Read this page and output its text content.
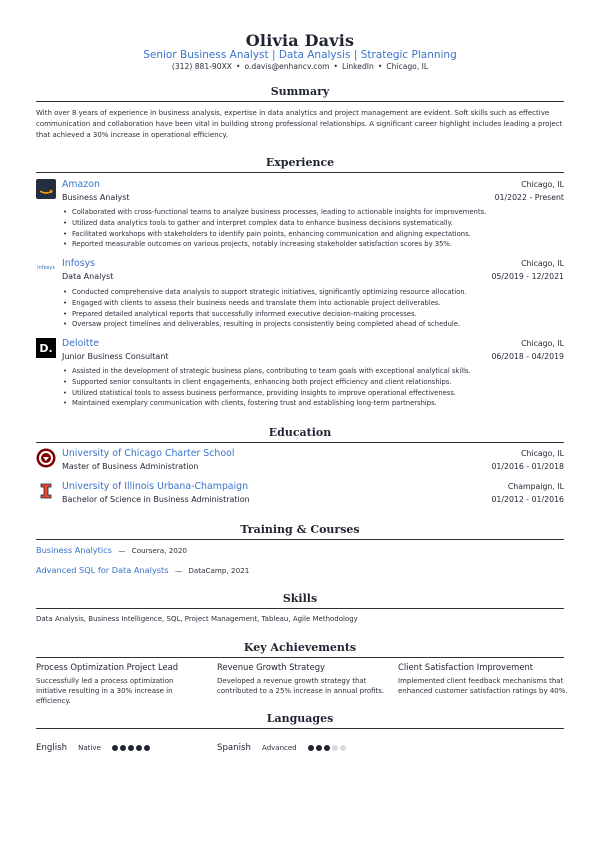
Olivia Davis
Senior Business Analyst | Data Analysis | Strategic Planning
(312) 881-90XX • o.davis@enhancv.com • LinkedIn • Chicago, IL
Summary
With over 8 years of experience in business analysis, expertise in data analytics and project management are evident. Soft skills such as effective communication and collaboration have been vital in building strong professional relationships. A significant career highlight includes leading a project that achieved a 30% increase in operational efficiency.
Experience
Amazon
Business Analyst
Chicago, IL
01/2022 - Present
• Collaborated with cross-functional teams to analyze business processes, leading to actionable insights for improvements.
• Utilized data analytics tools to gather and interpret complex data to enhance business decisions systematically.
• Facilitated workshops with stakeholders to identify pain points, enhancing communication and aligning expectations.
• Reported measurable outcomes on various projects, notably increasing stakeholder satisfaction scores by 35%.
Infosys Infosys
Data Analyst
Chicago, IL
05/2019 - 12/2021
• Conducted comprehensive data analysis to support strategic initiatives, significantly optimizing resource allocation.
• Engaged with clients to assess their business needs and translate them into actionable project deliverables.
• Prepared detailed analytical reports that successfully informed executive decision-making processes.
• Oversaw project timelines and deliverables, resulting in projects consistently being completed ahead of schedule.
D. Deloitte
Junior Business Consultant
Chicago, IL
06/2018 - 04/2019
• Assisted in the development of strategic business plans, contributing to team goals with exceptional analytical skills.
• Supported senior consultants in client engagements, enhancing both project efficiency and client relationships.
• Utilized statistical tools to assess business performance, providing insights to improve operational effectiveness.
• Maintained exemplary communication with clients, fostering trust and establishing long-term partnerships.
Education
University of Chicago Charter School
Master of Business Administration
Chicago, IL
01/2016 - 01/2018
University of Illinois Urbana-Champaign
Bachelor of Science in Business Administration
Champaign, IL
01/2012 - 01/2016
Training & Courses
Business Analytics — Coursera, 2020
Advanced SQL for Data Analysts — DataCamp, 2021
Skills
Data Analysis, Business Intelligence, SQL, Project Management, Tableau, Agile Methodology
Key Achievements
Process Optimization Project Lead
Successfully led a process optimization initiative resulting in a 30% increase in efficiency.
Revenue Growth Strategy
Developed a revenue growth strategy that contributed to a 25% increase in annual profits.
Client Satisfaction Improvement
Implemented client feedback mechanisms that enhanced customer satisfaction ratings by 40%.
Languages
English Native	Spanish Advanced
